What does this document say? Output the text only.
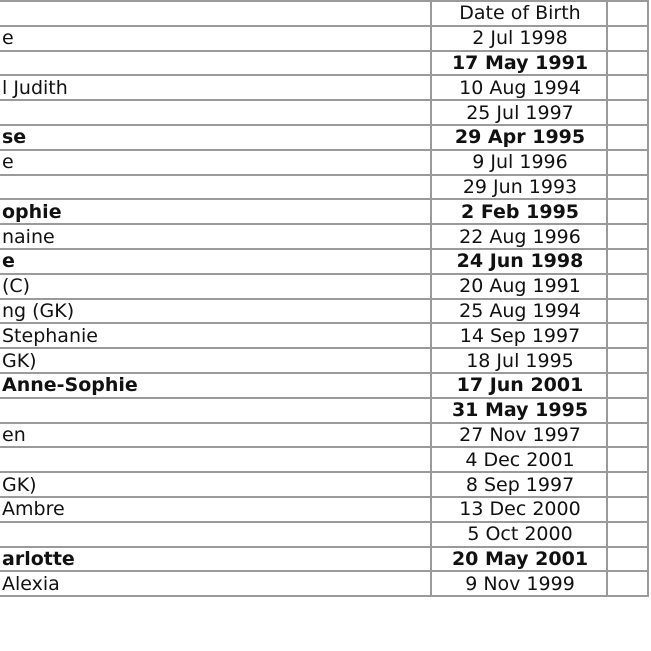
	Date of Birth	

e	2 Jul 1998	

	17 May 1991	

l Judith	10 Aug 1994	

	25 Jul 1997	

se	29 Apr 1995	

e	9 Jul 1996	

	29 Jun 1993	

ophie	2 Feb 1995	

naine	22 Aug 1996	

e	24 Jun 1998	

(C)	20 Aug 1991	

ng (GK)	25 Aug 1994	

Stephanie	14 Sep 1997	

GK)	18 Jul 1995	

Anne-Sophie	17 Jun 2001	

	31 May 1995	

en	27 Nov 1997	

	4 Dec 2001	

GK)	8 Sep 1997	

Ambre	13 Dec 2000	

	5 Oct 2000	

arlotte	20 May 2001	

Alexia	9 Nov 1999	
